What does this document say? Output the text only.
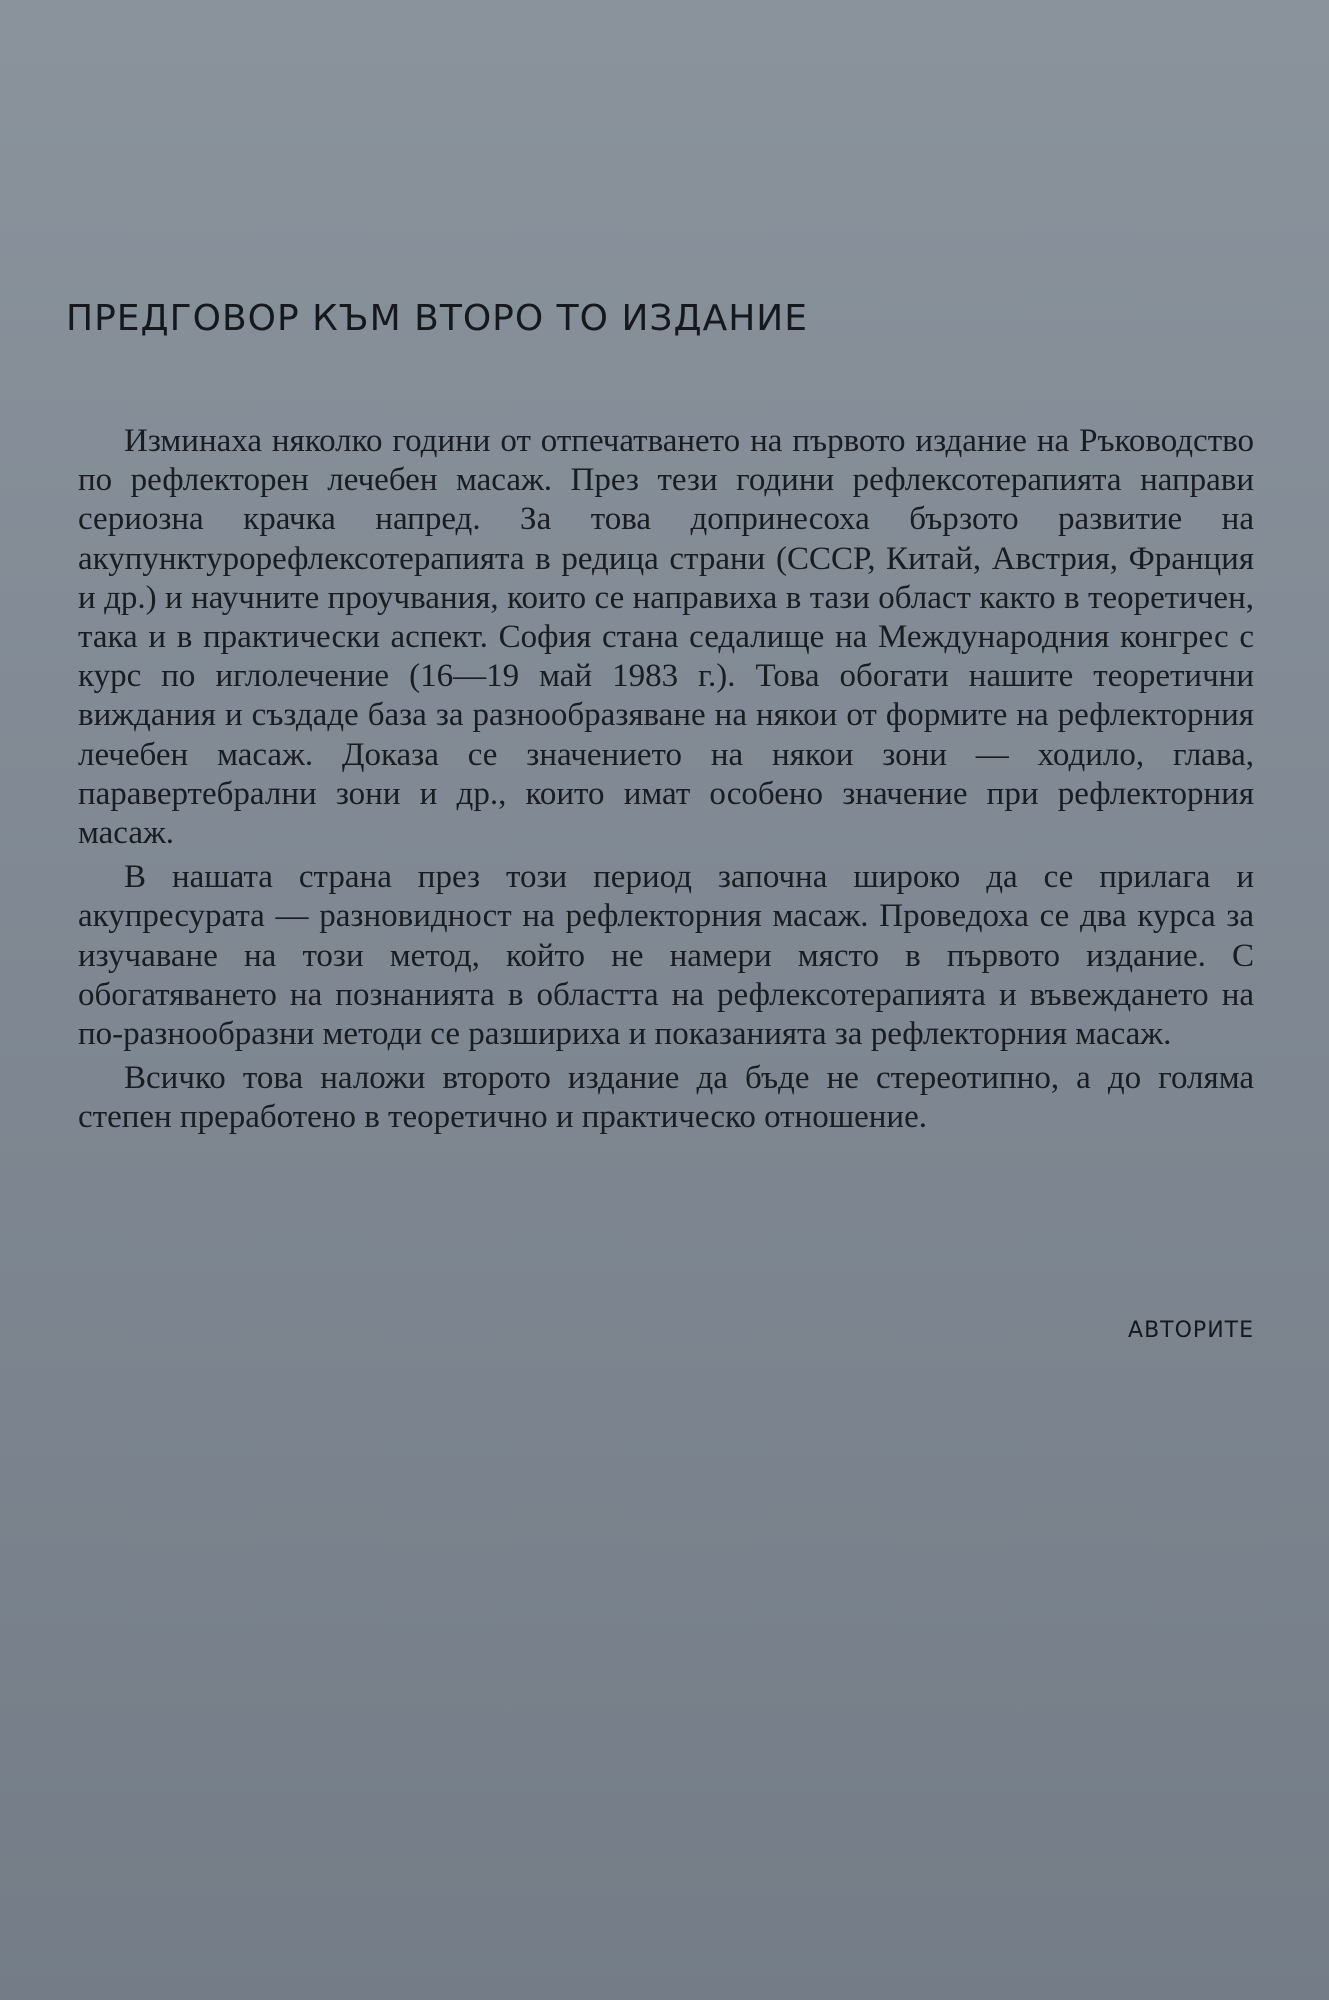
ПРЕДГОВОР КЪМ ВТОРО ТО ИЗДАНИЕ

Изминаха няколко години от отпечатването на първото издание на Ръководство по рефлекторен лечебен масаж. През тези години рефлексотерапията направи сериозна крачка напред. За това допринесоха бързото развитие на акупунктурорефлексотерапията в редица страни (СССР, Китай, Австрия, Франция и др.) и научните проучвания, които се направиха в тази област както в теоретичен, така и в практически аспект. София стана седалище на Международния конгрес с курс по иглолечение (16—19 май 1983 г.). Това обогати нашите теоретични виждания и създаде база за разнообразяване на някои от формите на рефлекторния лечебен масаж. Доказа се значението на някои зони — ходило, глава, паравертебрални зони и др., които имат особено значение при рефлекторния масаж.

В нашата страна през този период започна широко да се прилага и акупресурата — разновидност на рефлекторния масаж. Проведоха се два курса за изучаване на този метод, който не намери място в първото издание. С обогатяването на познанията в областта на рефлексотерапията и въвеждането на по-разнообразни методи се разшириха и показанията за рефлекторния масаж.

Всичко това наложи второто издание да бъде не стереотипно, а до голяма степен преработено в теоретично и практическо отношение.

АВТОРИТЕ
